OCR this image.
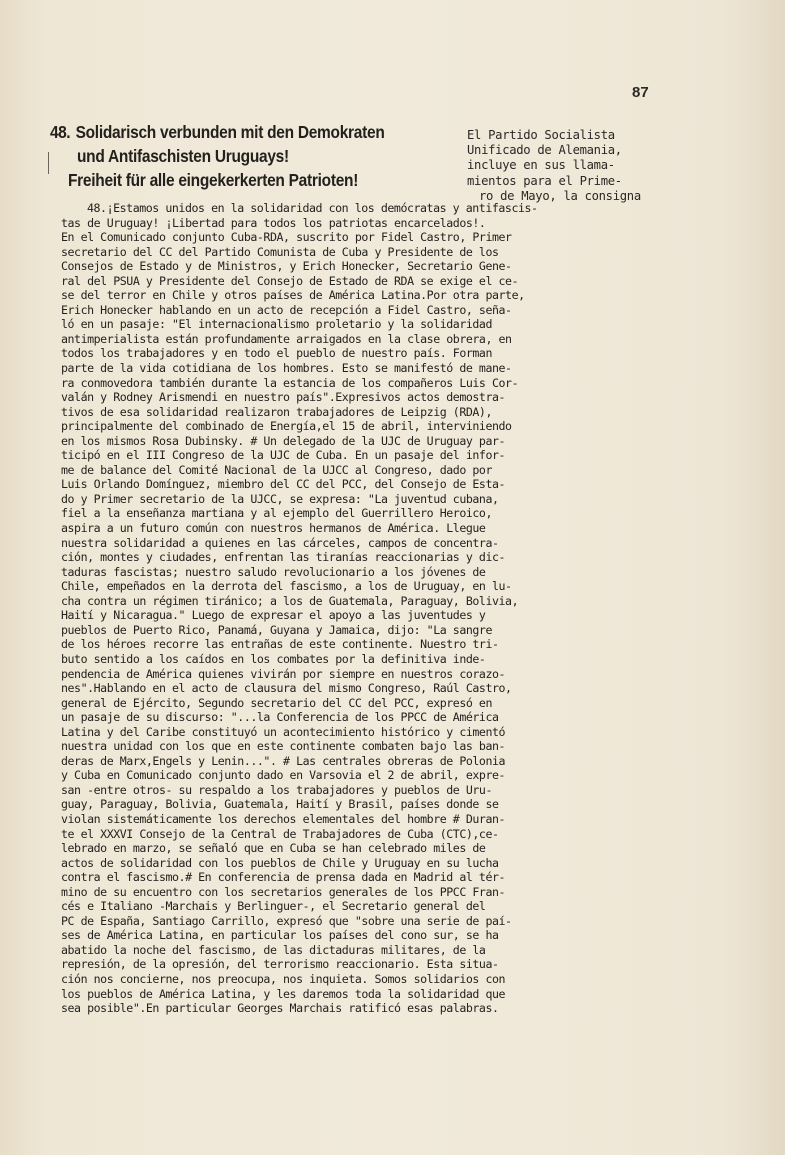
87
48. Solidarisch verbunden mit den Demokraten
und Antifaschisten Uruguays!
Freiheit für alle eingekerkerten Patrioten!
El Partido Socialista
Unificado de Alemania,
incluye en sus llama-
mientos para el Prime-
ro de Mayo, la consigna
48.¡Estamos unidos en la solidaridad con los demócratas y antifascis-
tas de Uruguay! ¡Libertad para todos los patriotas encarcelados!.
En el Comunicado conjunto Cuba-RDA, suscrito por Fidel Castro, Primer
secretario del CC del Partido Comunista de Cuba y Presidente de los
Consejos de Estado y de Ministros, y Erich Honecker, Secretario Gene-
ral del PSUA y Presidente del Consejo de Estado de RDA se exige el ce-
se del terror en Chile y otros países de América Latina.Por otra parte,
Erich Honecker hablando en un acto de recepción a Fidel Castro, seña-
ló en un pasaje: "El internacionalismo proletario y la solidaridad
antimperialista están profundamente arraigados en la clase obrera, en
todos los trabajadores y en todo el pueblo de nuestro país. Forman
parte de la vida cotidiana de los hombres. Esto se manifestó de mane-
ra conmovedora también durante la estancia de los compañeros Luis Cor-
valán y Rodney Arismendi en nuestro país".Expresivos actos demostra-
tivos de esa solidaridad realizaron trabajadores de Leipzig (RDA),
principalmente del combinado de Energía,el 15 de abril, interviniendo
en los mismos Rosa Dubinsky. # Un delegado de la UJC de Uruguay par-
ticipó en el III Congreso de la UJC de Cuba. En un pasaje del infor-
me de balance del Comité Nacional de la UJCC al Congreso, dado por
Luis Orlando Domínguez, miembro del CC del PCC, del Consejo de Esta-
do y Primer secretario de la UJCC, se expresa: "La juventud cubana,
fiel a la enseñanza martiana y al ejemplo del Guerrillero Heroico,
aspira a un futuro común con nuestros hermanos de América. Llegue
nuestra solidaridad a quienes en las cárceles, campos de concentra-
ción, montes y ciudades, enfrentan las tiranías reaccionarias y dic-
taduras fascistas; nuestro saludo revolucionario a los jóvenes de
Chile, empeñados en la derrota del fascismo, a los de Uruguay, en lu-
cha contra un régimen tiránico; a los de Guatemala, Paraguay, Bolivia,
Haití y Nicaragua." Luego de expresar el apoyo a las juventudes y
pueblos de Puerto Rico, Panamá, Guyana y Jamaica, dijo: "La sangre
de los héroes recorre las entrañas de este continente. Nuestro tri-
buto sentido a los caídos en los combates por la definitiva inde-
pendencia de América quienes vivirán por siempre en nuestros corazo-
nes".Hablando en el acto de clausura del mismo Congreso, Raúl Castro,
general de Ejército, Segundo secretario del CC del PCC, expresó en
un pasaje de su discurso: "...la Conferencia de los PPCC de América
Latina y del Caribe constituyó un acontecimiento histórico y cimentó
nuestra unidad con los que en este continente combaten bajo las ban-
deras de Marx,Engels y Lenin...". # Las centrales obreras de Polonia
y Cuba en Comunicado conjunto dado en Varsovia el 2 de abril, expre-
san -entre otros- su respaldo a los trabajadores y pueblos de Uru-
guay, Paraguay, Bolivia, Guatemala, Haití y Brasil, países donde se
violan sistemáticamente los derechos elementales del hombre # Duran-
te el XXXVI Consejo de la Central de Trabajadores de Cuba (CTC),ce-
lebrado en marzo, se señaló que en Cuba se han celebrado miles de
actos de solidaridad con los pueblos de Chile y Uruguay en su lucha
contra el fascismo.# En conferencia de prensa dada en Madrid al tér-
mino de su encuentro con los secretarios generales de los PPCC Fran-
cés e Italiano -Marchais y Berlinguer-, el Secretario general del
PC de España, Santiago Carrillo, expresó que "sobre una serie de paí-
ses de América Latina, en particular los países del cono sur, se ha
abatido la noche del fascismo, de las dictaduras militares, de la
represión, de la opresión, del terrorismo reaccionario. Esta situa-
ción nos concierne, nos preocupa, nos inquieta. Somos solidarios con
los pueblos de América Latina, y les daremos toda la solidaridad que
sea posible".En particular Georges Marchais ratificó esas palabras.
